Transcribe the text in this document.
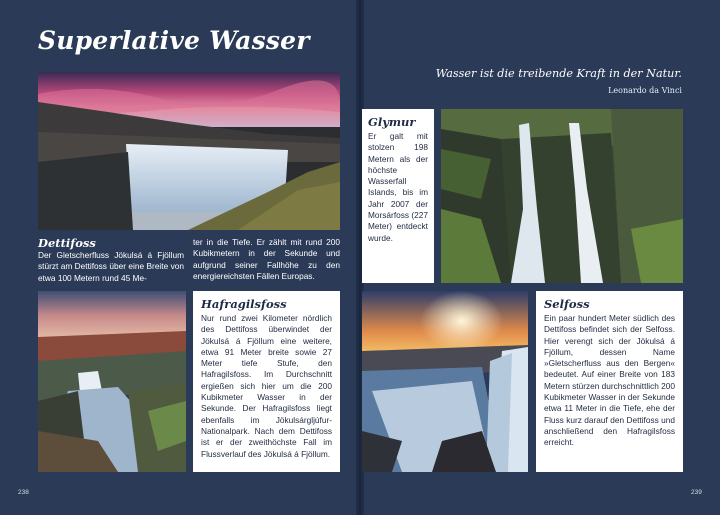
Superlative Wasser
Dettifoss
Der Gletscherfluss Jökulsá á Fjöllum stürzt am Dettifoss über eine Breite von etwa 100 Metern rund 45 Me-
ter in die Tiefe. Er zählt mit rund 200 Kubikmetern in der Sekunde und aufgrund seiner Fallhöhe zu den energiereichsten Fällen Europas.
Hafragilsfoss
Nur rund zwei Kilometer nördlich des Dettifoss überwindet der Jökulsá á Fjöllum eine weitere, etwa 91 Meter breite sowie 27 Meter tiefe Stufe, den Hafragilsfoss. Im Durchschnitt ergießen sich hier um die 200 Kubikmeter Wasser in der Sekunde. Der Hafragilsfoss liegt ebenfalls im Jökulsárgljúfur-Nationalpark. Nach dem Dettifoss ist er der zweithöchste Fall im Flussverlauf des Jökulsá á Fjöllum.
238
Wasser ist die treibende Kraft in der Natur.
Leonardo da Vinci
Glymur
Er galt mit stolzen 198 Metern als der höchste Wasserfall Islands, bis im Jahr 2007 der Morsárfoss (227 Meter) entdeckt wurde.
Selfoss
Ein paar hundert Meter südlich des Dettifoss befindet sich der Selfoss. Hier verengt sich der Jökulsá á Fjöllum, dessen Name »Gletscherfluss aus den Bergen« bedeutet. Auf einer Breite von 183 Metern stürzen durchschnittlich 200 Kubikmeter Wasser in der Sekunde etwa 11 Meter in die Tiefe, ehe der Fluss kurz darauf den Dettifoss und anschließend den Hafragilsfoss erreicht.
239
